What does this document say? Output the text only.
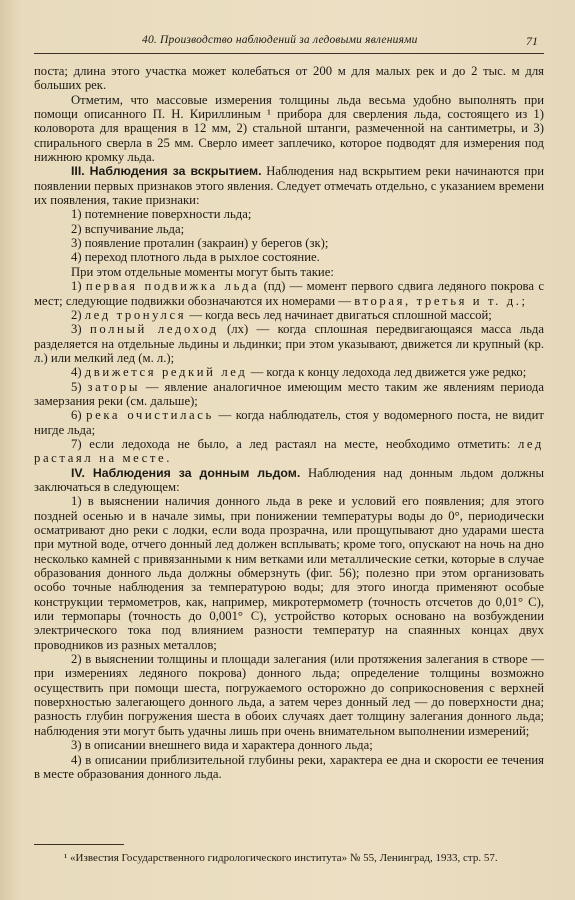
40. Производство наблюдений за ледовыми явлениями	71

поста; длина этого участка может колебаться от 200 м для малых рек и до 2 тыс. м для больших рек.

Отметим, что массовые измерения толщины льда весьма удобно выполнять при помощи описанного П. Н. Кириллиным ¹ прибора для сверления льда, состоящего из 1) коловорота для вращения в 12 мм, 2) стальной штанги, размеченной на сантиметры, и 3) спирального сверла в 25 мм. Сверло имеет заплечико, которое подводят для измерения под нижнюю кромку льда.

III. Наблюдения за вскрытием. Наблюдения над вскрытием реки начинаются при появлении первых признаков этого явления. Следует отмечать отдельно, с указанием времени их появления, такие признаки:

1) потемнение поверхности льда;

2) вспучивание льда;

3) появление проталин (закраин) у берегов (зк);

4) переход плотного льда в рыхлое состояние.

При этом отдельные моменты могут быть такие:

1) первая подвижка льда (пд) — момент первого сдвига ледяного покрова с мест; следующие подвижки обозначаются их номерами — вторая, третья и т. д.;

2) лед тронулся — когда весь лед начинает двигаться сплошной массой;

3) полный ледоход (лх) — когда сплошная передвигающаяся масса льда разделяется на отдельные льдины и льдинки; при этом указывают, движется ли крупный (кр. л.) или мелкий лед (м. л.);

4) движется редкий лед — когда к концу ледохода лед движется уже редко;

5) заторы — явление аналогичное имеющим место таким же явлениям периода замерзания реки (см. дальше);

6) река очистилась — когда наблюдатель, стоя у водомерного поста, не видит нигде льда;

7) если ледохода не было, а лед растаял на месте, необходимо отметить: лед растаял на месте.

IV. Наблюдения за донным льдом. Наблюдения над донным льдом должны заключаться в следующем:

1) в выяснении наличия донного льда в реке и условий его появления; для этого поздней осенью и в начале зимы, при понижении температуры воды до 0°, периодически осматривают дно реки с лодки, если вода прозрачна, или прощупывают дно ударами шеста при мутной воде, отчего донный лед должен всплывать; кроме того, опускают на ночь на дно несколько камней с привязанными к ним ветками или металлические сетки, которые в случае образования донного льда должны обмерзнуть (фиг. 56); полезно при этом организовать особо точные наблюдения за температурою воды; для этого иногда применяют особые конструкции термометров, как, например, микротермометр (точность отсчетов до 0,01° С), или термопары (точность до 0,001° С), устройство которых основано на возбуждении электрического тока под влиянием разности температур на спаянных концах двух проводников из разных металлов;

2) в выяснении толщины и площади залегания (или протяжения залегания в створе — при измерениях ледяного покрова) донного льда; определение толщины возможно осуществить при помощи шеста, погружаемого осторожно до соприкосновения с верхней поверхностью залегающего донного льда, а затем через донный лед — до поверхности дна; разность глубин погружения шеста в обоих случаях дает толщину залегания донного льда; наблюдения эти могут быть удачны лишь при очень внимательном выполнении измерений;

3) в описании внешнего вида и характера донного льда;

4) в описании приблизительной глубины реки, характера ее дна и скорости ее течения в месте образования донного льда.

¹ «Известия Государственного гидрологического института» № 55, Ленинград, 1933, стр. 57.
